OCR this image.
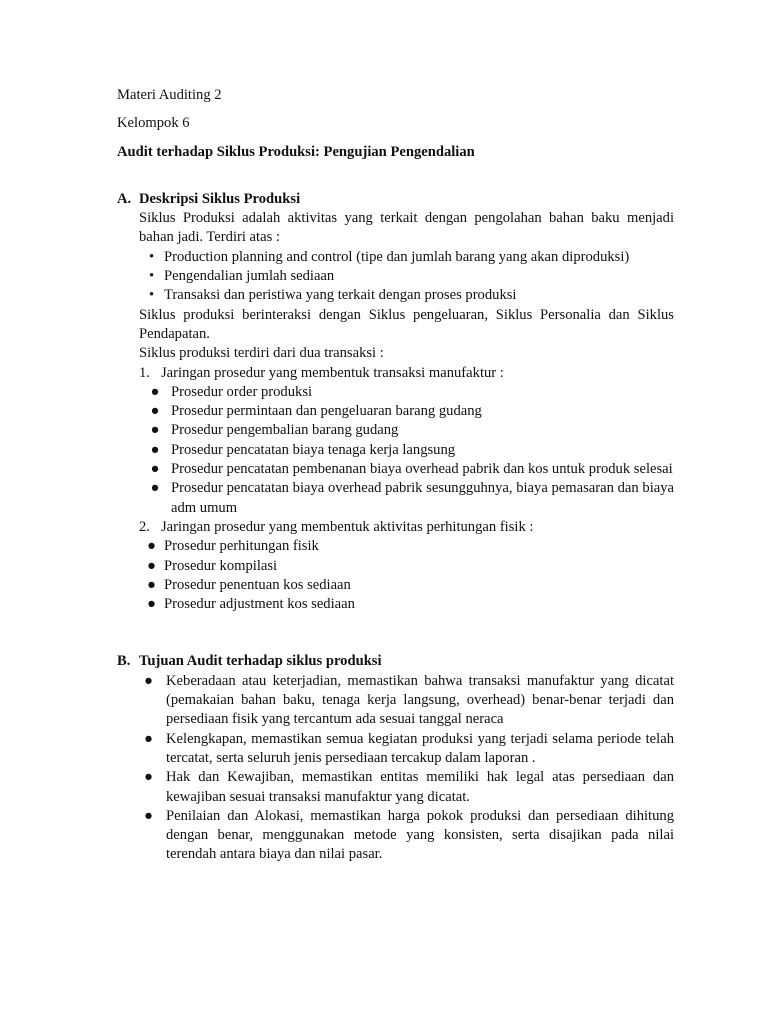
Materi Auditing 2

Kelompok 6

Audit terhadap Siklus Produksi: Pengujian Pengendalian

A. Deskripsi Siklus Produksi

Siklus Produksi adalah aktivitas yang terkait dengan pengolahan bahan baku menjadi bahan jadi. Terdiri atas :

• Production planning and control (tipe dan jumlah barang yang akan diproduksi)
• Pengendalian jumlah sediaan
• Transaksi dan peristiwa yang terkait dengan proses produksi

Siklus produksi berinteraksi dengan Siklus pengeluaran, Siklus Personalia dan Siklus Pendapatan.

Siklus produksi terdiri dari dua transaksi :

1. Jaringan prosedur yang membentuk transaksi manufaktur :
● Prosedur order produksi
● Prosedur permintaan dan pengeluaran barang gudang
● Prosedur pengembalian barang gudang
● Prosedur pencatatan biaya tenaga kerja langsung
● Prosedur pencatatan pembenanan biaya overhead pabrik dan kos untuk produk selesai
● Prosedur pencatatan biaya overhead pabrik sesungguhnya, biaya pemasaran dan biaya adm umum
2. Jaringan prosedur yang membentuk aktivitas perhitungan fisik :
● Prosedur perhitungan fisik
● Prosedur kompilasi
● Prosedur penentuan kos sediaan
● Prosedur adjustment kos sediaan
B. Tujuan Audit terhadap siklus produksi
● Keberadaan atau keterjadian, memastikan bahwa transaksi manufaktur yang dicatat (pemakaian bahan baku, tenaga kerja langsung, overhead) benar-benar terjadi dan persediaan fisik yang tercantum ada sesuai tanggal neraca
● Kelengkapan, memastikan semua kegiatan produksi yang terjadi selama periode telah tercatat, serta seluruh jenis persediaan tercakup dalam laporan .
● Hak dan Kewajiban, memastikan entitas memiliki hak legal atas persediaan dan kewajiban sesuai transaksi manufaktur yang dicatat.
● Penilaian dan Alokasi, memastikan harga pokok produksi dan persediaan dihitung dengan benar, menggunakan metode yang konsisten, serta disajikan pada nilai terendah antara biaya dan nilai pasar.
